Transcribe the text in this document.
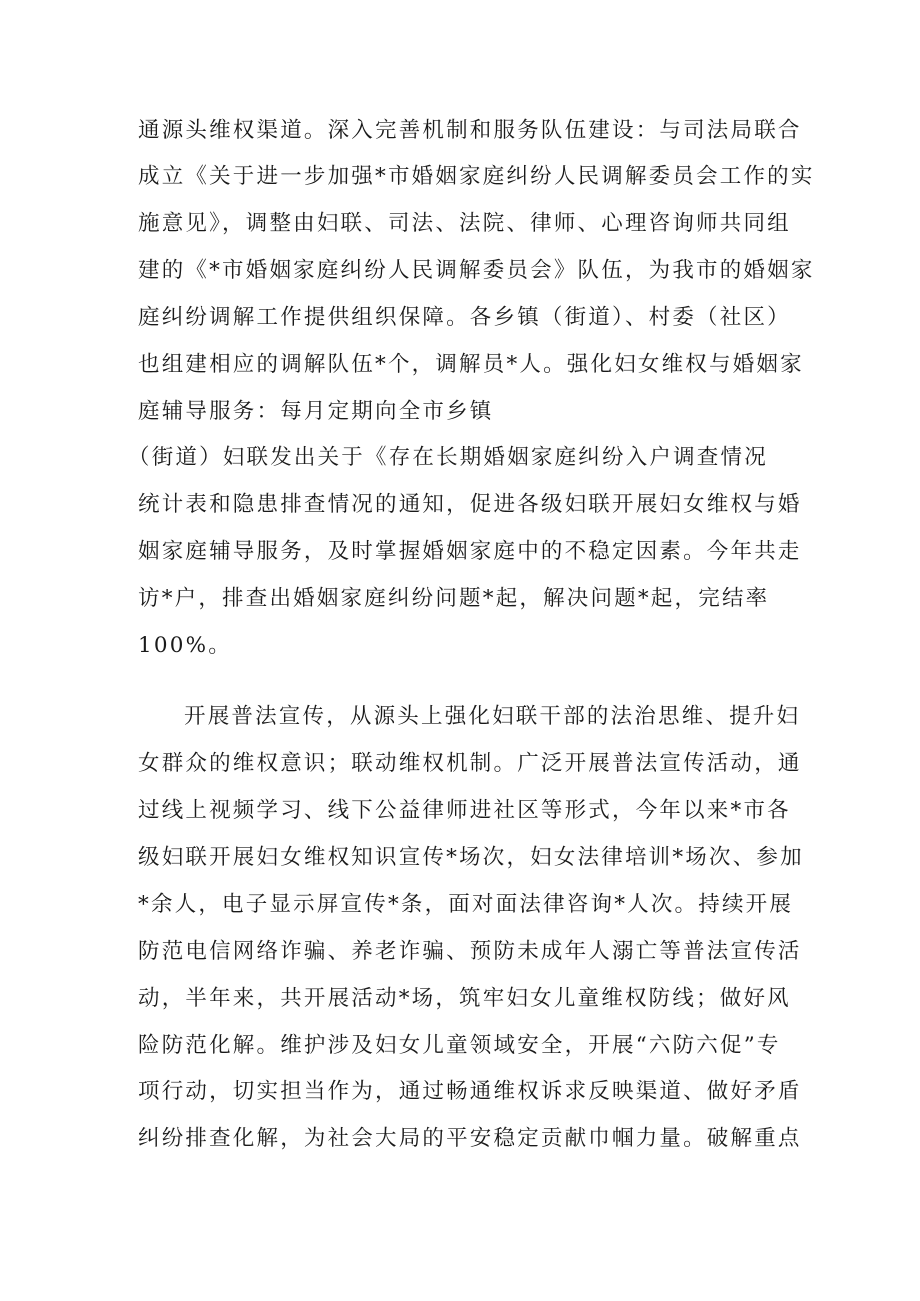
通源头维权渠道。深入完善机制和服务队伍建设：与司法局联合
成立《关于进一步加强*市婚姻家庭纠纷人民调解委员会工作的实
施意见》，调整由妇联、司法、法院、律师、心理咨询师共同组
建的《*市婚姻家庭纠纷人民调解委员会》队伍，为我市的婚姻家
庭纠纷调解工作提供组织保障。各乡镇（街道）、村委（社区）
也组建相应的调解队伍*个，调解员*人。强化妇女维权与婚姻家
庭辅导服务：每月定期向全市乡镇
（街道）妇联发出关于《存在长期婚姻家庭纠纷入户调查情况
统计表和隐患排查情况的通知，促进各级妇联开展妇女维权与婚
姻家庭辅导服务，及时掌握婚姻家庭中的不稳定因素。今年共走
访*户，排查出婚姻家庭纠纷问题*起，解决问题*起，完结率
100%。
开展普法宣传，从源头上强化妇联干部的法治思维、提升妇
女群众的维权意识；联动维权机制。广泛开展普法宣传活动，通
过线上视频学习、线下公益律师进社区等形式，今年以来*市各
级妇联开展妇女维权知识宣传*场次，妇女法律培训*场次、参加
*余人，电子显示屏宣传*条，面对面法律咨询*人次。持续开展
防范电信网络诈骗、养老诈骗、预防未成年人溺亡等普法宣传活
动，半年来，共开展活动*场，筑牢妇女儿童维权防线；做好风
险防范化解。维护涉及妇女儿童领域安全，开展“六防六促”专
项行动，切实担当作为，通过畅通维权诉求反映渠道、做好矛盾
纠纷排查化解，为社会大局的平安稳定贡献巾帼力量。破解重点
